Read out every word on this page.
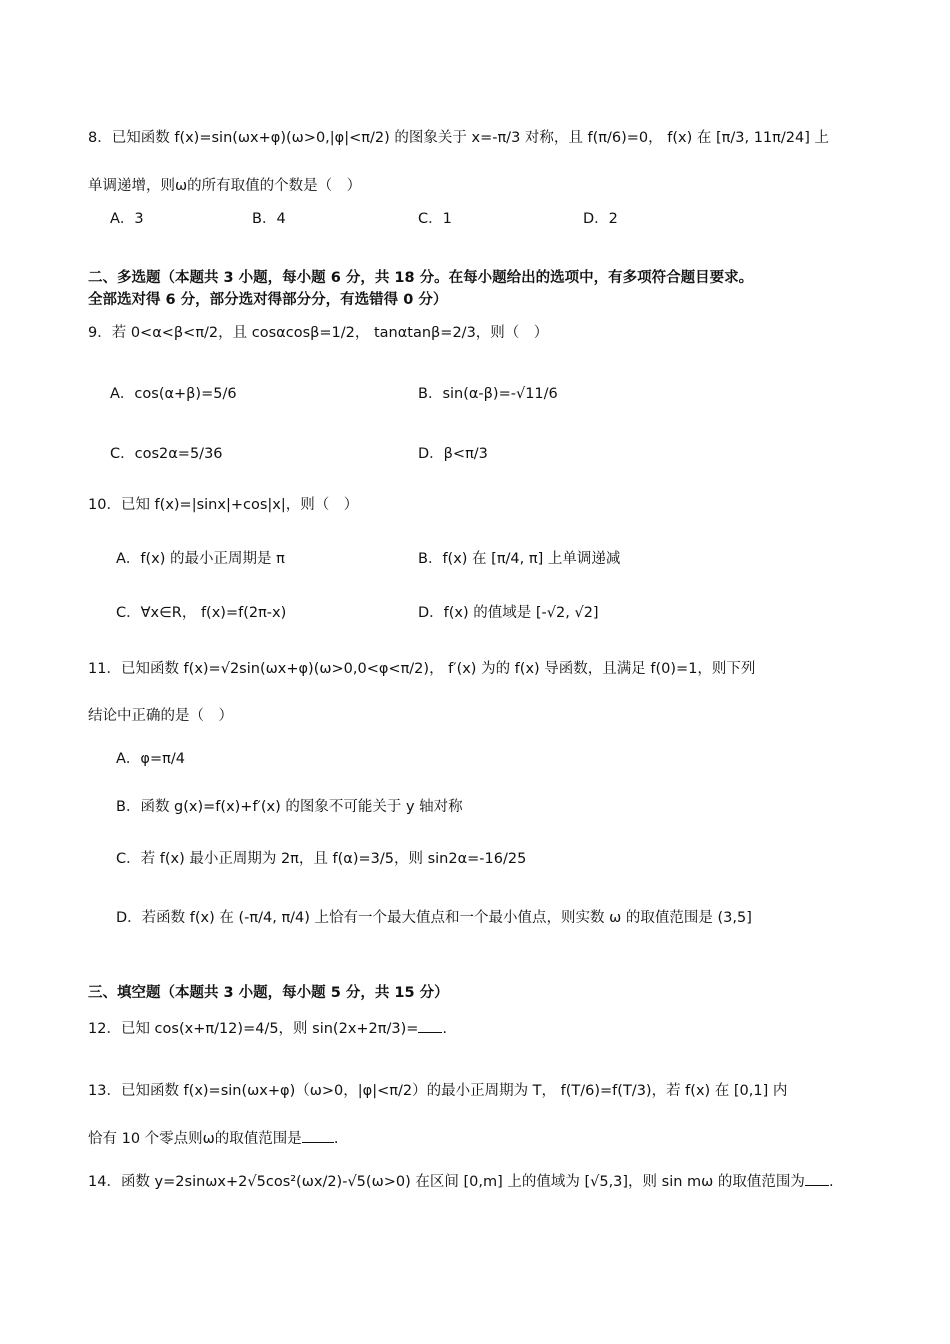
8．已知函数 f(x)=sin(ωx+φ)(ω>0,|φ|<π/2) 的图象关于 x=-π/3 对称，且 f(π/6)=0， f(x) 在 [π/3, 11π/24] 上
单调递增，则ω的所有取值的个数是（　）
A．3	B．4	C．1	D．2
二、多选题（本题共 3 小题，每小题 6 分，共 18 分。在每小题给出的选项中，有多项符合题目要求。
全部选对得 6 分，部分选对得部分分，有选错得 0 分）
9．若 0<α<β<π/2，且 cosαcosβ=1/2， tanαtanβ=2/3，则（　）
A．cos(α+β)=5/6	B．sin(α-β)=-√11/6
C．cos2α=5/36	D．β<π/3
10．已知 f(x)=|sinx|+cos|x|，则（　）
A．f(x) 的最小正周期是 π	B．f(x) 在 [π/4, π] 上单调递减
C．∀x∈R， f(x)=f(2π-x)	D．f(x) 的值域是 [-√2, √2]
11．已知函数 f(x)=√2sin(ωx+φ)(ω>0,0<φ<π/2)， f′(x) 为的 f(x) 导函数，且满足 f(0)=1，则下列
结论中正确的是（　）
A．φ=π/4
B．函数 g(x)=f(x)+f′(x) 的图象不可能关于 y 轴对称
C．若 f(x) 最小正周期为 2π，且 f(α)=3/5，则 sin2α=-16/25
D．若函数 f(x) 在 (-π/4, π/4) 上恰有一个最大值点和一个最小值点，则实数 ω 的取值范围是 (3,5]
三、填空题（本题共 3 小题，每小题 5 分，共 15 分）
12．已知 cos(x+π/12)=4/5，则 sin(2x+2π/3)= .
13．已知函数 f(x)=sin(ωx+φ)（ω>0，|φ|<π/2）的最小正周期为 T， f(T/6)=f(T/3)，若 f(x) 在 [0,1] 内
恰有 10 个零点则ω的取值范围是 .
14．函数 y=2sinωx+2√5cos²(ωx/2)-√5(ω>0) 在区间 [0,m] 上的值域为 [√5,3]，则 sin mω 的取值范围为 .
